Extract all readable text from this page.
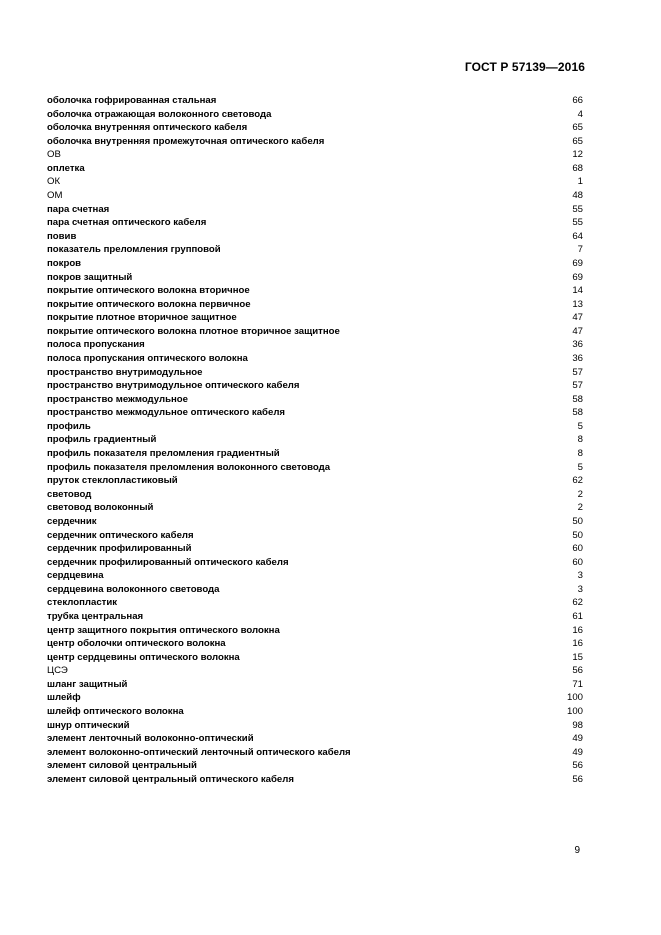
ГОСТ Р 57139—2016
оболочка гофрированная стальная	66
оболочка отражающая волоконного световода	4
оболочка внутренняя оптического кабеля	65
оболочка внутренняя промежуточная оптического кабеля	65
ОВ	12
оплетка	68
ОК	1
ОМ	48
пара счетная	55
пара счетная оптического кабеля	55
повив	64
показатель преломления групповой	7
покров	69
покров защитный	69
покрытие оптического волокна вторичное	14
покрытие оптического волокна первичное	13
покрытие плотное вторичное защитное	47
покрытие оптического волокна плотное вторичное защитное	47
полоса пропускания	36
полоса пропускания оптического волокна	36
пространство внутримодульное	57
пространство внутримодульное оптического кабеля	57
пространство межмодульное	58
пространство межмодульное оптического кабеля	58
профиль	5
профиль градиентный	8
профиль показателя преломления градиентный	8
профиль показателя преломления волоконного световода	5
пруток стеклопластиковый	62
световод	2
световод волоконный	2
сердечник	50
сердечник оптического кабеля	50
сердечник профилированный	60
сердечник профилированный оптического кабеля	60
сердцевина	3
сердцевина волоконного световода	3
стеклопластик	62
трубка центральная	61
центр защитного покрытия оптического волокна	16
центр оболочки оптического волокна	16
центр сердцевины оптического волокна	15
ЦСЭ	56
шланг защитный	71
шлейф	100
шлейф оптического волокна	100
шнур оптический	98
элемент ленточный волоконно-оптический	49
элемент волоконно-оптический ленточный оптического кабеля	49
элемент силовой центральный	56
элемент силовой центральный оптического кабеля	56
9
